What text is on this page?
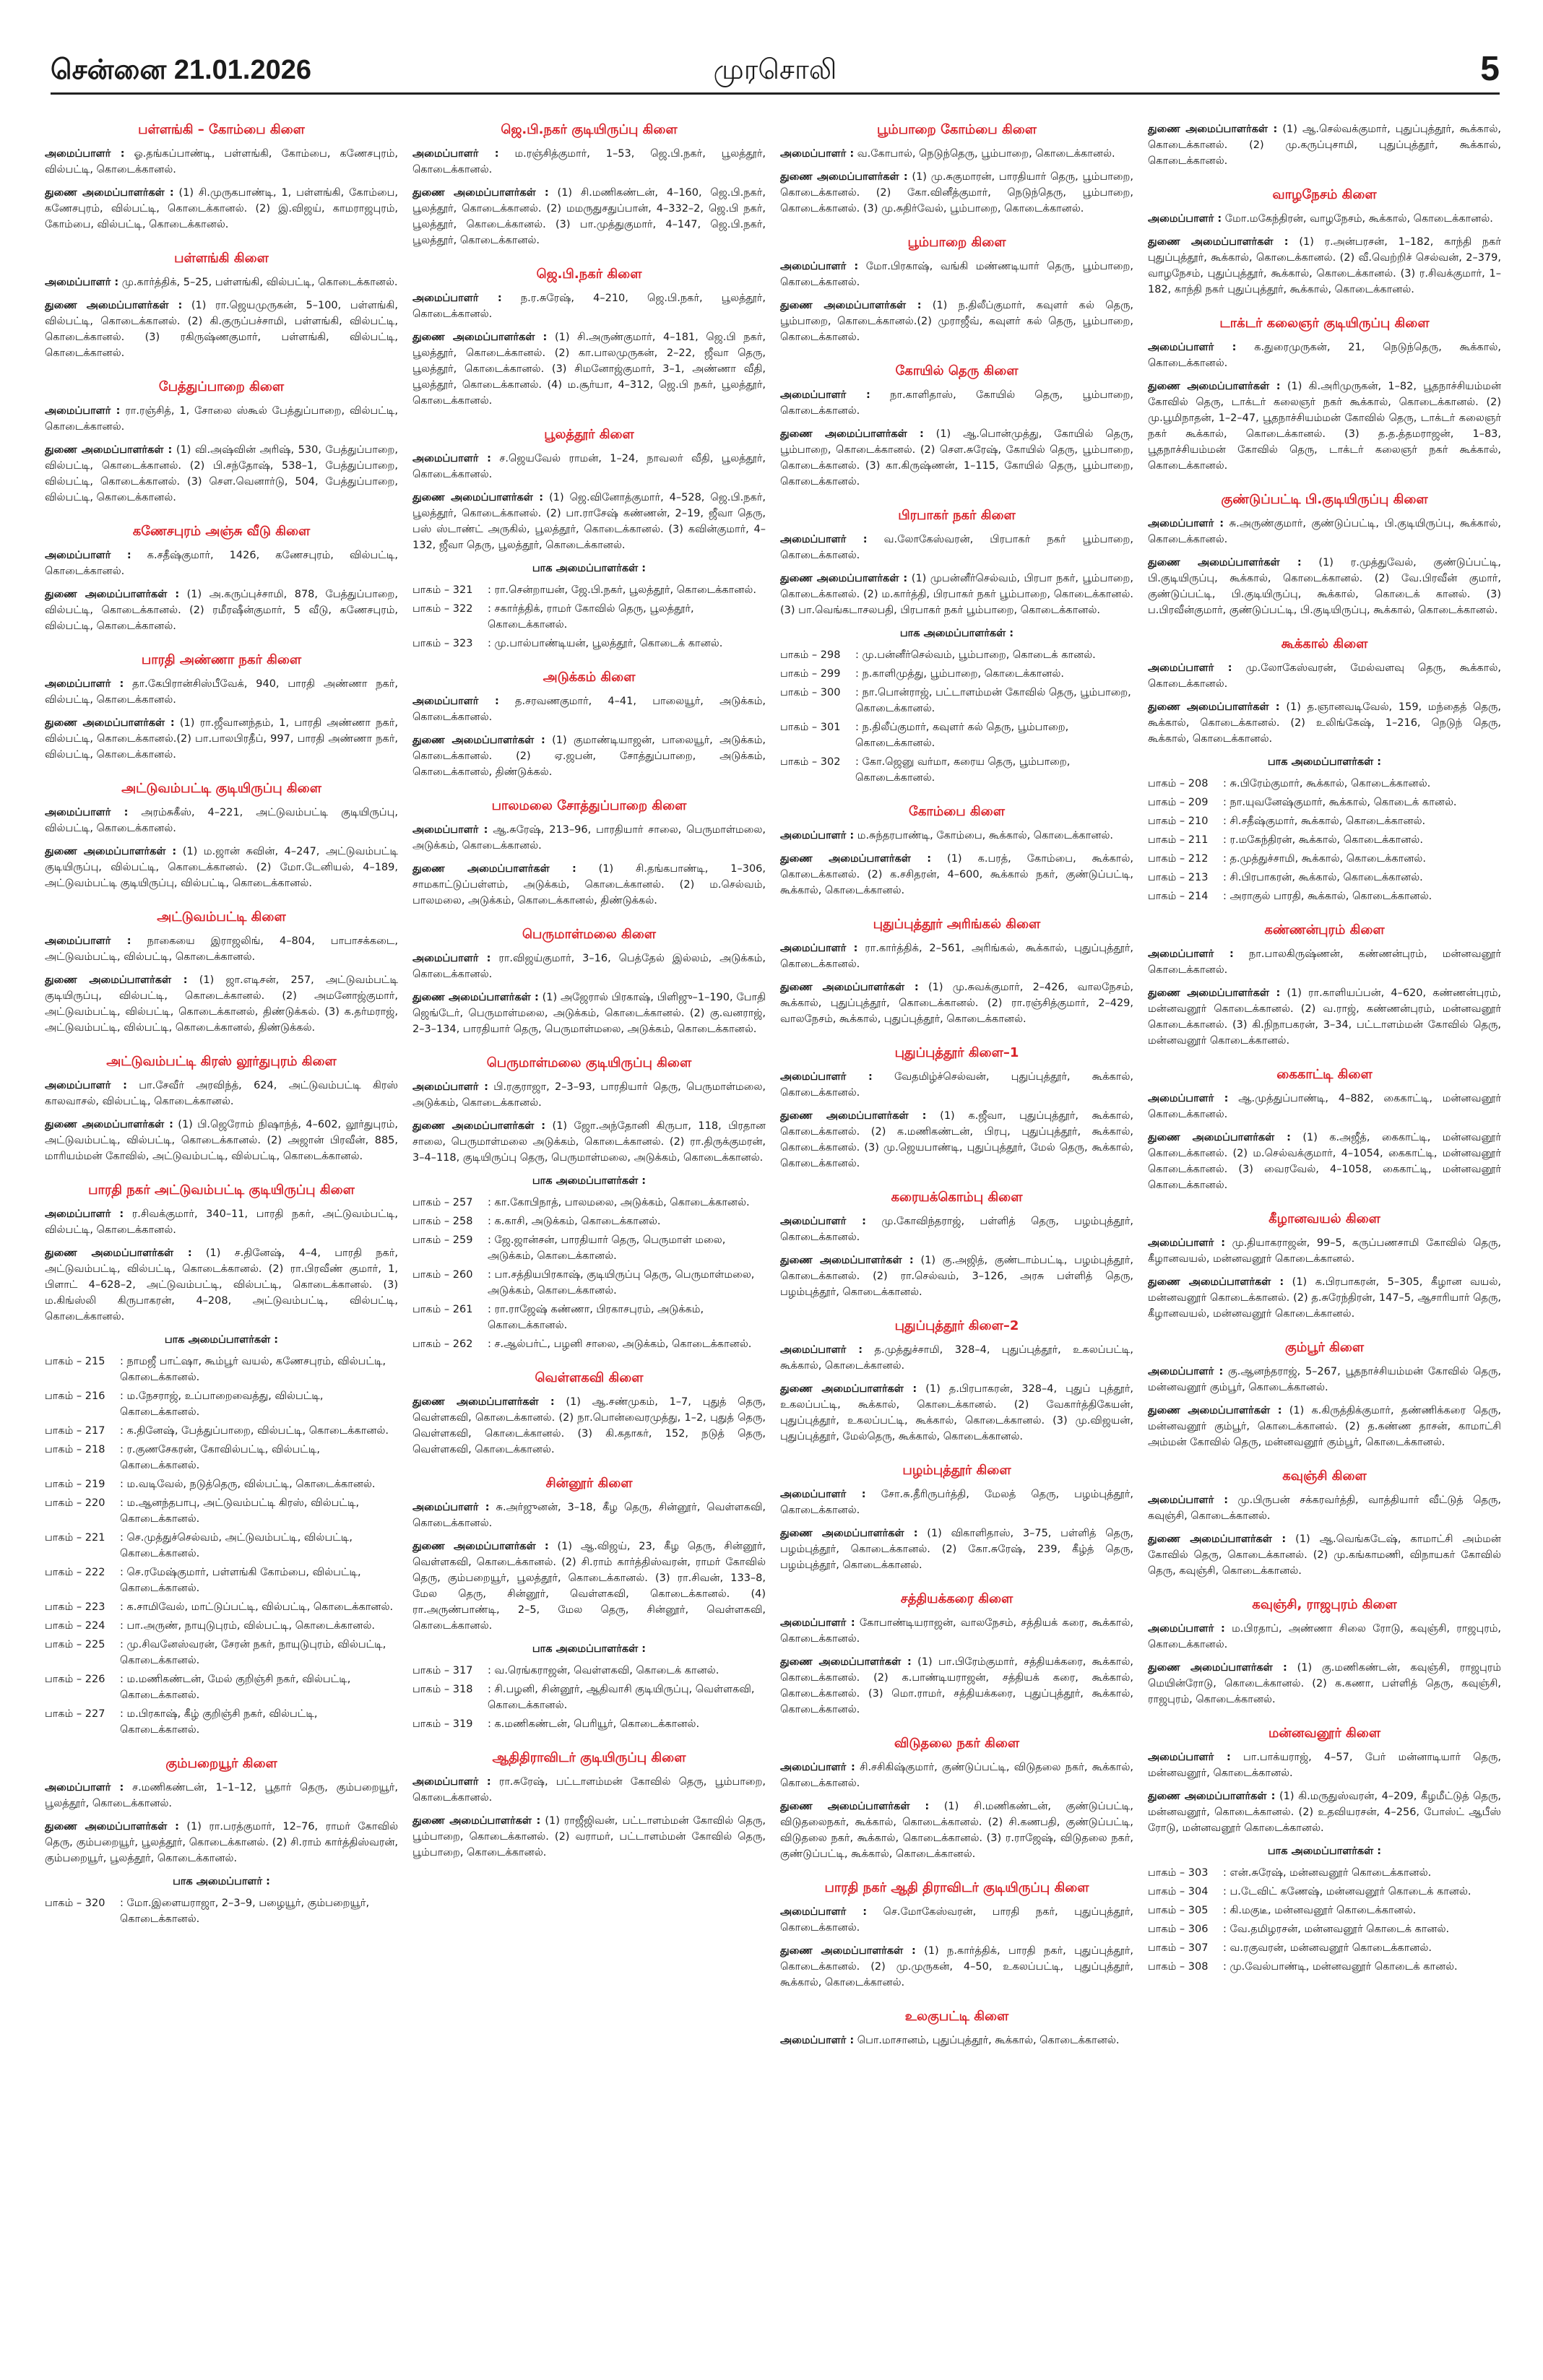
சென்னை 21.01.2026	முரசொலி	5
பள்ளங்கி – கோம்பை கிளை

அமைப்பாளர் : ஓ.தங்கப்பாண்டி, பள்ளங்கி, கோம்பை, கணேசபுரம், வில்பட்டி, கொடைக்கானல்.

துணை அமைப்பாளர்கள் : (1) சி.முருகபாண்டி, 1, பள்ளங்கி, கோம்பை, கணேசபுரம், வில்பட்டி, கொடைக்கானல். (2) இ.விஜய், காமராஜபுரம், கோம்பை, வில்பட்டி, கொடைக்கானல்.

பள்ளங்கி கிளை

அமைப்பாளர் : மு.கார்த்திக், 5–25, பள்ளங்கி, வில்பட்டி, கொடைக்கானல்.

துணை அமைப்பாளர்கள் : (1) ரா.ஜெயமுருகன், 5–100, பள்ளங்கி, வில்பட்டி, கொடைக்கானல். (2) கி.குருப்பச்சாமி, பள்ளங்கி, வில்பட்டி, கொடைக்கானல். (3) ரகிருஷ்ணகுமார், பள்ளங்கி, வில்பட்டி, கொடைக்கானல்.

பேத்துப்பாறை கிளை

அமைப்பாளர் : ரா.ரஞ்சித், 1, சோலை ஸ்கூல் பேத்துப்பாறை, வில்பட்டி, கொடைக்கானல்.

துணை அமைப்பாளர்கள் : (1) வி.அஷ்வின் அரிஷ், 530, பேத்துப்பாறை, வில்பட்டி, கொடைக்கானல். (2) பி.சந்தோஷ், 538–1, பேத்துப்பாறை, வில்பட்டி, கொடைக்கானல். (3) செள.வெனார்டு, 504, பேத்துப்பாறை, வில்பட்டி, கொடைக்கானல்.

கணேசபுரம் அஞ்சு வீடு கிளை

அமைப்பாளர் : க.சதீஷ்குமார், 1426, கணேசபுரம், வில்பட்டி, கொடைக்கானல்.

துணை அமைப்பாளர்கள் : (1) அ.கருப்புச்சாமி, 878, பேத்துப்பாறை, வில்பட்டி, கொடைக்கானல். (2) ரமீரஷீன்குமார், 5 வீடு, கணேசபுரம், வில்பட்டி, கொடைக்கானல்.

பாரதி அண்ணா நகர் கிளை

அமைப்பாளர் : தா.கேபிரான்சிஸ்பீவேக், 940, பாரதி அண்ணா நகர், வில்பட்டி, கொடைக்கானல்.

துணை அமைப்பாளர்கள் : (1) ரா.ஜீவானந்தம், 1, பாரதி அண்ணா நகர், வில்பட்டி, கொடைக்கானல்.(2) பா.பாலபிரதீப், 997, பாரதி அண்ணா நகர், வில்பட்டி, கொடைக்கானல்.

அட்டுவம்பட்டி குடியிருப்பு கிளை

அமைப்பாளர் : அரம்சுகீஸ், 4–221, அட்டுவம்பட்டி குடியிருப்பு, வில்பட்டி, கொடைக்கானல்.

துணை அமைப்பாளர்கள் : (1) ம.ஜான் சுவின், 4–247, அட்டுவம்பட்டி குடியிருப்பு, வில்பட்டி, கொடைக்கானல். (2) மோ.டேனியல், 4–189, அட்டுவம்பட்டி குடியிருப்பு, வில்பட்டி, கொடைக்கானல்.

அட்டுவம்பட்டி கிளை

அமைப்பாளர் : நாகையை இராஜலிங், 4–804, பாபாசக்கடை, அட்டுவம்பட்டி, வில்பட்டி, கொடைக்கானல்.

துணை அமைப்பாளர்கள் : (1) ஜா.எடிசன், 257, அட்டுவம்பட்டி குடியிருப்பு, வில்பட்டி, கொடைக்கானல். (2) அமனோஜ்குமார், அட்டுவம்பட்டி, வில்பட்டி, கொடைக்கானல், திண்டுக்கல். (3) க.தர்மராஜ், அட்டுவம்பட்டி, வில்பட்டி, கொடைக்கானல், திண்டுக்கல்.

அட்டுவம்பட்டி கிரஸ் லூர்துபுரம் கிளை

அமைப்பாளர் : பா.சேவீர் அரவிந்த், 624, அட்டுவம்பட்டி கிரஸ் காலவாசல், வில்பட்டி, கொடைக்கானல்.

துணை அமைப்பாளர்கள் : (1) பி.ஜெரோம் நிஷாந்த், 4–602, லூர்துபுரம், அட்டுவம்பட்டி, வில்பட்டி, கொடைக்கானல். (2) அஜான் பிரவீன், 885, மாரியம்மன் கோவில், அட்டுவம்பட்டி, வில்பட்டி, கொடைக்கானல்.

பாரதி நகர் அட்டுவம்பட்டி குடியிருப்பு கிளை

அமைப்பாளர் : ர.சிவக்குமார், 340–11, பாரதி நகர், அட்டுவம்பட்டி, வில்பட்டி, கொடைக்கானல்.

துணை அமைப்பாளர்கள் : (1) ச.தினேஷ், 4–4, பாரதி நகர், அட்டுவம்பட்டி, வில்பட்டி, கொடைக்கானல். (2) ரா.பிரவீண் குமார், 1, பிளாட் 4–628–2, அட்டுவம்பட்டி, வில்பட்டி, கொடைக்கானல். (3) ம.கிங்ஸ்லி கிருபாகரன், 4–208, அட்டுவம்பட்டி, வில்பட்டி, கொடைக்கானல்.

பாக அமைப்பாளர்கள் :
பாகம் – 215	: நாமஜீ பாட்ஷா, கூம்பூர் வயல், கணேசபுரம், வில்பட்டி, கொடைக்கானல்.
பாகம் – 216	: ம.நேசராஜ், உப்பாறைவைத்து, வில்பட்டி, கொடைக்கானல்.
பாகம் – 217	: க.தினேஷ், பேத்துப்பாறை, வில்பட்டி, கொடைக்கானல்.
பாகம் – 218	: ர.குணசேகரன், கோவில்பட்டி, வில்பட்டி, கொடைக்கானல்.
பாகம் – 219	: ம.வடிவேல், நடுத்தெரு, வில்பட்டி, கொடைக்கானல்.
பாகம் – 220	: ம.ஆனந்தபாபு, அட்டுவம்பட்டி கிரஸ், வில்பட்டி, கொடைக்கானல்.
பாகம் – 221	: செ.முத்துச்செல்வம், அட்டுவம்பட்டி, வில்பட்டி, கொடைக்கானல்.
பாகம் – 222	: செ.ரமேஷ்குமார், பள்ளங்கி கோம்பை, வில்பட்டி, கொடைக்கானல்.
பாகம் – 223	: க.சாமிவேல், மாட்டுப்பட்டி, வில்பட்டி, கொடைக்கானல்.
பாகம் – 224	: பா.அருண், நாயுடுபுரம், வில்பட்டி, கொடைக்கானல்.
பாகம் – 225	: மு.சிவனேஸ்வரன், சேரன் நகர், நாயுடுபுரம், வில்பட்டி, கொடைக்கானல்.
பாகம் – 226	: ம.மணிகண்டன், மேல் குறிஞ்சி நகர், வில்பட்டி, கொடைக்கானல்.
பாகம் – 227	: ம.பிரகாஷ், கீழ் குறிஞ்சி நகர், வில்பட்டி, கொடைக்கானல்.
கும்பறையூர் கிளை

அமைப்பாளர் : ச.மணிகண்டன், 1–1–12, பூதார் தெரு, கும்பறையூர், பூலத்தூர், கொடைக்கானல்.

துணை அமைப்பாளர்கள் : (1) ரா.பரத்குமார், 12–76, ராமர் கோவில் தெரு, கும்பறையூர், பூலத்தூர், கொடைக்கானல். (2) சி.ராம் கார்த்திஸ்வரன், கும்பறையூர், பூலத்தூர், கொடைக்கானல்.

பாக அமைப்பாளர் :
பாகம் – 320	: மோ.இளையராஜா, 2–3–9, பழையூர், கும்பறையூர், கொடைக்கானல்.
ஜெ.பி.நகர் குடியிருப்பு கிளை

அமைப்பாளர் : ம.ரஞ்சித்குமார், 1–53, ஜெ.பி.நகர், பூலத்தூர், கொடைக்கானல்.

துணை அமைப்பாளர்கள் : (1) சி.மணிகண்டன், 4–160, ஜெ.பி.நகர், பூலத்தூர், கொடைக்கானல். (2) மமருதுசதுப்பான், 4–332–2, ஜெ.பி நகர், பூலத்தூர், கொடைக்கானல். (3) பா.முத்துகுமார், 4–147, ஜெ.பி.நகர், பூலத்தூர், கொடைக்கானல்.

ஜெ.பி.நகர் கிளை

அமைப்பாளர் : ந.ர.சுரேஷ், 4–210, ஜெ.பி.நகர், பூலத்தூர், கொடைக்கானல்.

துணை அமைப்பாளர்கள் : (1) சி.அருண்குமார், 4–181, ஜெ.பி நகர், பூலத்தூர், கொடைக்கானல். (2) கா.பாலமுருகன், 2–22, ஜீவா தெரு, பூலத்தூர், கொடைக்கானல். (3) சிமனோஜ்குமார், 3–1, அண்ணா வீதி, பூலத்தூர், கொடைக்கானல். (4) ம.சூர்யா, 4–312, ஜெ.பி நகர், பூலத்தூர், கொடைக்கானல்.

பூலத்தூர் கிளை

அமைப்பாளர் : ச.ஜெயவேல் ராமன், 1–24, நாவலர் வீதி, பூலத்தூர், கொடைக்கானல்.

துணை அமைப்பாளர்கள் : (1) ஜெ.வினோத்குமார், 4–528, ஜெ.பி.நகர், பூலத்தூர், கொடைக்கானல். (2) பா.ராசேஷ் கண்ணன், 2–19, ஜீவா தெரு, பஸ் ஸ்டாண்ட் அருகில், பூலத்தூர், கொடைக்கானல். (3) கவின்குமார், 4–132, ஜீவா தெரு, பூலத்தூர், கொடைக்கானல்.

பாக அமைப்பாளர்கள் :
பாகம் – 321	: ரா.சென்றாயன், ஜே.பி.நகர், பூலத்தூர், கொடைக்கானல்.
பாகம் – 322	: சகார்த்திக், ராமர் கோவில் தெரு, பூலத்தூர், கொடைக்கானல்.
பாகம் – 323	: மு.பால்பாண்டியன், பூலத்தூர், கொடைக் கானல்.
அடுக்கம் கிளை

அமைப்பாளர் : த.சரவணகுமார், 4–41, பாலையூர், அடுக்கம், கொடைக்கானல்.

துணை அமைப்பாளர்கள் : (1) குமாண்டியாஜன், பாலையூர், அடுக்கம், கொடைக்கானல். (2) ஏ.ஜபன், சோத்துப்பாறை, அடுக்கம், கொடைக்கானல், திண்டுக்கல்.

பாலமலை சோத்துப்பாறை கிளை

அமைப்பாளர் : ஆ.சுரேஷ், 213–96, பாரதியார் சாலை, பெருமாள்மலை, அடுக்கம், கொடைக்கானல்.

துணை அமைப்பாளர்கள் : (1) சி.தங்கபாண்டி, 1–306, சாமகாட்டுப்பள்ளம், அடுக்கம், கொடைக்கானல். (2) ம.செல்வம், பாலமலை, அடுக்கம், கொடைக்கானல், திண்டுக்கல்.

பெருமாள்மலை கிளை

அமைப்பாளர் : ரா.விஜய்குமார், 3–16, பெத்தேல் இல்லம், அடுக்கம், கொடைக்கானல்.

துணை அமைப்பாளர்கள் : (1) அஜேரால் பிரகாஷ், பிளிஜு–1–190, போதி ஜெங்டேர், பெருமாள்மலை, அடுக்கம், கொடைக்கானல். (2) கு.வனராஜ், 2–3–134, பாரதியார் தெரு, பெருமாள்மலை, அடுக்கம், கொடைக்கானல்.

பெருமாள்மலை குடியிருப்பு கிளை

அமைப்பாளர் : பி.ரகுராஜா, 2–3–93, பாரதியார் தெரு, பெருமாள்மலை, அடுக்கம், கொடைக்கானல்.

துணை அமைப்பாளர்கள் : (1) ஜோ.அந்தோனி கிருபா, 118, பிரதான சாலை, பெருமாள்மலை அடுக்கம், கொடைக்கானல். (2) ரா.திருக்குமரன், 3–4–118, குடியிருப்பு தெரு, பெருமாள்மலை, அடுக்கம், கொடைக்கானல்.

பாக அமைப்பாளர்கள் :
பாகம் – 257	: கா.கோபிநாத், பாலமலை, அடுக்கம், கொடைக்கானல்.
பாகம் – 258	: க.காசி, அடுக்கம், கொடைக்கானல்.
பாகம் – 259	: ஜே.ஜான்சன், பாரதியார் தெரு, பெருமாள் மலை, அடுக்கம், கொடைக்கானல்.
பாகம் – 260	: பா.சத்தியபிரகாஷ், குடியிருப்பு தெரு, பெருமாள்மலை, அடுக்கம், கொடைக்கானல்.
பாகம் – 261	: ரா.ராஜேஷ் கண்ணா, பிரகாசபுரம், அடுக்கம், கொடைக்கானல்.
பாகம் – 262	: ச.ஆல்பர்ட், பழனி சாலை, அடுக்கம், கொடைக்கானல்.
வெள்ளகவி கிளை

துணை அமைப்பாளர்கள் : (1) ஆ.சண்முகம், 1–7, புதுத் தெரு, வெள்ளகவி, கொடைக்கானல். (2) நா.பொன்வைரமுத்து, 1–2, புதுத் தெரு, வெள்ளகவி, கொடைக்கானல். (3) கி.கதாகர், 152, நடுத் தெரு, வெள்ளகவி, கொடைக்கானல்.

சின்னூர் கிளை

அமைப்பாளர் : சு.அர்ஜுனன், 3–18, கீழ தெரு, சின்னூர், வெள்ளகவி, கொடைக்கானல்.

துணை அமைப்பாளர்கள் : (1) ஆ.விஜய், 23, கீழ தெரு, சின்னூர், வெள்ளகவி, கொடைக்கானல். (2) சி.ராம் கார்த்திஸ்வரன், ராமர் கோவில் தெரு, கும்பறையூர், பூலத்தூர், கொடைக்கானல். (3) ரா.சிவன், 133–8, மேல தெரு, சின்னூர், வெள்ளகவி, கொடைக்கானல். (4) ரா.அருண்பாண்டி, 2–5, மேல தெரு, சின்னூர், வெள்ளகவி, கொடைக்கானல்.

பாக அமைப்பாளர்கள் :
பாகம் – 317	: வ.ரெங்கராஜன், வெள்ளகவி, கொடைக் கானல்.
பாகம் – 318	: சி.பழனி, சின்னூர், ஆதிவாசி குடியிருப்பு, வெள்ளகவி, கொடைக்கானல்.
பாகம் – 319	: க.மணிகண்டன், பெரியூர், கொடைக்கானல்.
ஆதிதிராவிடர் குடியிருப்பு கிளை

அமைப்பாளர் : ரா.சுரேஷ், பட்டாளம்மன் கோவில் தெரு, பூம்பாறை, கொடைக்கானல்.

துணை அமைப்பாளர்கள் : (1) ராஜீஜிவன், பட்டாளம்மன் கோவில் தெரு, பூம்பாறை, கொடைக்கானல். (2) வராமர், பட்டாளம்மன் கோவில் தெரு, பூம்பாறை, கொடைக்கானல்.

பூம்பாறை கோம்பை கிளை

அமைப்பாளர் : வ.கோபால், நெடுந்தெரு, பூம்பாறை, கொடைக்கானல்.

துணை அமைப்பாளர்கள் : (1) மு.சுகுமாரன், பாரதியார் தெரு, பூம்பாறை, கொடைக்கானல். (2) கோ.வினீத்குமார், நெடுந்தெரு, பூம்பாறை, கொடைக்கானல். (3) மு.சுதிர்வேல், பூம்பாறை, கொடைக்கானல்.

பூம்பாறை கிளை

அமைப்பாளர் : மோ.பிரகாஷ், வங்கி மண்ணடியார் தெரு, பூம்பாறை, கொடைக்கானல்.

துணை அமைப்பாளர்கள் : (1) ந.திலீப்குமார், கவுளர் கல் தெரு, பூம்பாறை, கொடைக்கானல்.(2) முராஜீவ், கவுளர் கல் தெரு, பூம்பாறை, கொடைக்கானல்.

கோயில் தெரு கிளை

அமைப்பாளர் : நா.காளிதாஸ், கோயில் தெரு, பூம்பாறை, கொடைக்கானல்.

துணை அமைப்பாளர்கள் : (1) ஆ.பொன்முத்து, கோயில் தெரு, பூம்பாறை, கொடைக்கானல். (2) சௌ.சுரேஷ், கோயில் தெரு, பூம்பாறை, கொடைக்கானல். (3) கா.கிருஷ்ணன், 1–115, கோயில் தெரு, பூம்பாறை, கொடைக்கானல்.

பிரபாகர் நகர் கிளை

அமைப்பாளர் : வ.லோகேஸ்வரன், பிரபாகர் நகர் பூம்பாறை, கொடைக்கானல்.

துணை அமைப்பாளர்கள் : (1) முபன்னீர்செல்வம், பிரபா நகர், பூம்பாறை, கொடைக்கானல். (2) ம.கார்த்தி, பிரபாகர் நகர் பூம்பாறை, கொடைக்கானல். (3) பா.வெங்கடாசலபதி, பிரபாகர் நகர் பூம்பாறை, கொடைக்கானல்.

பாக அமைப்பாளர்கள் :
பாகம் – 298	: மு.பன்னீர்செல்வம், பூம்பாறை, கொடைக் கானல்.
பாகம் – 299	: ந.காளிமுத்து, பூம்பாறை, கொடைக்கானல்.
பாகம் – 300	: நா.பொன்ராஜ், பட்டாளம்மன் கோவில் தெரு, பூம்பாறை, கொடைக்கானல்.
பாகம் – 301	: ந.திலீப்குமார், கவுளர் கல் தெரு, பூம்பாறை, கொடைக்கானல்.
பாகம் – 302	: கோ.ஜெனு வர்மா, கரைய தெரு, பூம்பாறை, கொடைக்கானல்.
கோம்பை கிளை

அமைப்பாளர் : ம.சுந்தரபாண்டி, கோம்பை, கூக்கால், கொடைக்கானல்.

துணை அமைப்பாளர்கள் : (1) க.பரத், கோம்பை, கூக்கால், கொடைக்கானல். (2) க.சசிதரன், 4–600, கூக்கால் நகர், குண்டுப்பட்டி, கூக்கால், கொடைக்கானல்.

புதுப்புத்தூர் அரிங்கல் கிளை

அமைப்பாளர் : ரா.கார்த்திக், 2–561, அரிங்கல், கூக்கால், புதுப்புத்தூர், கொடைக்கானல்.

துணை அமைப்பாளர்கள் : (1) மு.சுவக்குமார், 2–426, வாலநேசம், கூக்கால், புதுப்புத்தூர், கொடைக்கானல். (2) ரா.ரஞ்சித்குமார், 2–429, வாலநேசம், கூக்கால், புதுப்புத்தூர், கொடைக்கானல்.

புதுப்புத்தூர் கிளை–1

அமைப்பாளர் : வேதமிழ்ச்செல்வன், புதுப்புத்தூர், கூக்கால், கொடைக்கானல்.

துணை அமைப்பாளர்கள் : (1) க.ஜீவா, புதுப்புத்தூர், கூக்கால், கொடைக்கானல். (2) க.மணிகண்டன், பிரபு, புதுப்புத்தூர், கூக்கால், கொடைக்கானல். (3) மு.ஜெயபாண்டி, புதுப்புத்தூர், மேல் தெரு, கூக்கால், கொடைக்கானல்.

கரையக்கொம்பு கிளை

அமைப்பாளர் : மு.கோவிந்தராஜ், பள்ளித் தெரு, பழம்புத்தூர், கொடைக்கானல்.

துணை அமைப்பாளர்கள் : (1) கு.அஜித், குண்டாம்பட்டி, பழம்புத்தூர், கொடைக்கானல். (2) ரா.செல்வம், 3–126, அரசு பள்ளித் தெரு, பழம்புத்தூர், கொடைக்கானல்.

புதுப்புத்தூர் கிளை–2

அமைப்பாளர் : த.முத்துச்சாமி, 328–4, புதுப்புத்தூர், உகலப்பட்டி, கூக்கால், கொடைக்கானல்.

துணை அமைப்பாளர்கள் : (1) த.பிரபாகரன், 328–4, புதுப் புத்தூர், உகலப்பட்டி, கூக்கால், கொடைக்கானல். (2) வேகார்த்திகேயன், புதுப்புத்தூர், உகலப்பட்டி, கூக்கால், கொடைக்கானல். (3) மு.விஜயன், புதுப்புத்தூர், மேல்தெரு, கூக்கால், கொடைக்கானல்.

பழம்புத்தூர் கிளை

அமைப்பாளர் : சோ.சு.தீரிருபர்த்தி, மேலத் தெரு, பழம்புத்தூர், கொடைக்கானல்.

துணை அமைப்பாளர்கள் : (1) விகாளிதாஸ், 3–75, பள்ளித் தெரு, பழம்புத்தூர், கொடைக்கானல். (2) கோ.சுரேஷ், 239, கீழ்த் தெரு, பழம்புத்தூர், கொடைக்கானல்.

சத்தியக்கரை கிளை

அமைப்பாளர் : கோபாண்டியராஜன், வாலநேசம், சத்தியக் கரை, கூக்கால், கொடைக்கானல்.

துணை அமைப்பாளர்கள் : (1) பா.பிரேம்குமார், சத்தியக்கரை, கூக்கால், கொடைக்கானல். (2) க.பாண்டியராஜன், சத்தியக் கரை, கூக்கால், கொடைக்கானல். (3) மொ.ராமர், சத்தியக்கரை, புதுப்புத்தூர், கூக்கால், கொடைக்கானல்.

விடுதலை நகர் கிளை

அமைப்பாளர் : சி.சசிகிஷ்குமார், குண்டுப்பட்டி, விடுதலை நகர், கூக்கால், கொடைக்கானல்.

துணை அமைப்பாளர்கள் : (1) சி.மணிகண்டன், குண்டுப்பட்டி, விடுதலைநகர், கூக்கால், கொடைக்கானல். (2) சி.கணபதி, குண்டுப்பட்டி, விடுதலை நகர், கூக்கால், கொடைக்கானல். (3) ர.ராஜேஷ், விடுதலை நகர், குண்டுப்பட்டி, கூக்கால், கொடைக்கானல்.

பாரதி நகர் ஆதி திராவிடர் குடியிருப்பு கிளை

அமைப்பாளர் : செ.மோகேஸ்வரன், பாரதி நகர், புதுப்புத்தூர், கொடைக்கானல்.

துணை அமைப்பாளர்கள் : (1) ந.கார்த்திக், பாரதி நகர், புதுப்புத்தூர், கொடைக்கானல். (2) மு.முருகன், 4–50, உகலப்பட்டி, புதுப்புத்தூர், கூக்கால், கொடைக்கானல்.

உலகுபட்டி கிளை

அமைப்பாளர் : பொ.மாசானம், புதுப்புத்தூர், கூக்கால், கொடைக்கானல்.

துணை அமைப்பாளர்கள் : (1) ஆ.செல்வக்குமார், புதுப்புத்தூர், கூக்கால், கொடைக்கானல். (2) மு.கருப்புசாமி, புதுப்புத்தூர், கூக்கால், கொடைக்கானல்.

வாழநேசம் கிளை

அமைப்பாளர் : மோ.மகேந்திரன், வாழநேசம், கூக்கால், கொடைக்கானல்.

துணை அமைப்பாளர்கள் : (1) ர.அன்பரசன், 1–182, காந்தி நகர் புதுப்புத்தூர், கூக்கால், கொடைக்கானல். (2) வீ.வெற்றிச் செல்வன், 2–379, வாழநேசம், புதுப்புத்தூர், கூக்கால், கொடைக்கானல். (3) ர.சிவக்குமார், 1–182, காந்தி நகர் புதுப்புத்தூர், கூக்கால், கொடைக்கானல்.

டாக்டர் கலைஞர் குடியிருப்பு கிளை

அமைப்பாளர் : க.துரைமுருகன், 21, நெடுந்தெரு, கூக்கால், கொடைக்கானல்.

துணை அமைப்பாளர்கள் : (1) கி.அரிமுருகன், 1–82, பூதநாச்சியம்மன் கோவில் தெரு, டாக்டர் கலைஞர் நகர் கூக்கால், கொடைக்கானல். (2) மு.பூமிநாதன், 1–2–47, பூதநாச்சியம்மன் கோவில் தெரு, டாக்டர் கலைஞர் நகர் கூக்கால், கொடைக்கானல். (3) த.த.த்தமராஜன், 1–83, பூதநாச்சியம்மன் கோவில் தெரு, டாக்டர் கலைஞர் நகர் கூக்கால், கொடைக்கானல்.

குண்டுப்பட்டி பி.குடியிருப்பு கிளை

அமைப்பாளர் : சு.அருண்குமார், குண்டுப்பட்டி, பி.குடியிருப்பு, கூக்கால், கொடைக்கானல்.

துணை அமைப்பாளர்கள் : (1) ர.முத்துவேல், குண்டுப்பட்டி, பி.குடியிருப்பு, கூக்கால், கொடைக்கானல். (2) வே.பிரவீன் குமார், குண்டுப்பட்டி, பி.குடியிருப்பு, கூக்கால், கொடைக் கானல். (3) ப.பிரவீன்குமார், குண்டுப்பட்டி, பி.குடியிருப்பு, கூக்கால், கொடைக்கானல்.

கூக்கால் கிளை

அமைப்பாளர் : மு.லோகேஸ்வரன், மேல்வளவு தெரு, கூக்கால், கொடைக்கானல்.

துணை அமைப்பாளர்கள் : (1) த.ஞானவடிவேல், 159, மந்தைத் தெரு, கூக்கால், கொடைக்கானல். (2) உலிங்கேஷ், 1–216, நெடுந் தெரு, கூக்கால், கொடைக்கானல்.

பாக அமைப்பாளர்கள் :
பாகம் – 208	: சு.பிரேம்குமார், கூக்கால், கொடைக்கானல்.
பாகம் – 209	: நா.யுவனேஷ்குமார், கூக்கால், கொடைக் கானல்.
பாகம் – 210	: சி.சதீஷ்குமார், கூக்கால், கொடைக்கானல்.
பாகம் – 211	: ர.மகேந்திரன், கூக்கால், கொடைக்கானல்.
பாகம் – 212	: த.முத்துச்சாமி, கூக்கால், கொடைக்கானல்.
பாகம் – 213	: சி.பிரபாகரன், கூக்கால், கொடைக்கானல்.
பாகம் – 214	: அராகுல் பாரதி, கூக்கால், கொடைக்கானல்.
கண்ணன்புரம் கிளை

அமைப்பாளர் : நா.பாலகிருஷ்ணன், கண்ணன்புரம், மன்னவனூர் கொடைக்கானல்.

துணை அமைப்பாளர்கள் : (1) ரா.காளியப்பன், 4–620, கண்ணன்புரம், மன்னவனூர் கொடைக்கானல். (2) வ.ராஜ், கண்ணன்புரம், மன்னவனூர் கொடைக்கானல். (3) கி.நிநாபகரன், 3–34, பட்டாளம்மன் கோவில் தெரு, மன்னவனூர் கொடைக்கானல்.

கைகாட்டி கிளை

அமைப்பாளர் : ஆ.முத்துப்பாண்டி, 4–882, கைகாட்டி, மன்னவனூர் கொடைக்கானல்.

துணை அமைப்பாளர்கள் : (1) க.அஜீத், கைகாட்டி, மன்னவனூர் கொடைக்கானல். (2) ம.செல்வக்குமார், 4–1054, கைகாட்டி, மன்னவனூர் கொடைக்கானல். (3) வைரவேல், 4–1058, கைகாட்டி, மன்னவனூர் கொடைக்கானல்.

கீழானவயல் கிளை

அமைப்பாளர் : மு.தியாகராஜன், 99–5, கருப்பணசாமி கோவில் தெரு, கீழானவயல், மன்னவனூர் கொடைக்கானல்.

துணை அமைப்பாளர்கள் : (1) க.பிரபாகரன், 5–305, கீழான வயல், மன்னவனூர் கொடைக்கானல். (2) த.சுரேந்திரன், 147–5, ஆசாரியார் தெரு, கீழானவயல், மன்னவனூர் கொடைக்கானல்.

கும்பூர் கிளை

அமைப்பாளர் : கு.ஆனந்தராஜ், 5–267, பூதநாச்சியம்மன் கோவில் தெரு, மன்னவனூர் கும்பூர், கொடைக்கானல்.

துணை அமைப்பாளர்கள் : (1) க.கிருத்திக்குமார், தண்ணிக்கரை தெரு, மன்னவனூர் கும்பூர், கொடைக்கானல். (2) த.கண்ண தாசன், காமாட்சி அம்மன் கோவில் தெரு, மன்னவனூர் கும்பூர், கொடைக்கானல்.

கவுஞ்சி கிளை

அமைப்பாளர் : மு.பிருபன் சக்கரவர்த்தி, வாத்தியார் வீட்டுத் தெரு, கவுஞ்சி, கொடைக்கானல்.

துணை அமைப்பாளர்கள் : (1) ஆ.வெங்கடேஷ், காமாட்சி அம்மன் கோவில் தெரு, கொடைக்கானல். (2) மு.கங்காமணி, விநாயகர் கோவில் தெரு, கவுஞ்சி, கொடைக்கானல்.

கவுஞ்சி, ராஜபுரம் கிளை

அமைப்பாளர் : ம.பிரதாப், அண்ணா சிலை ரோடு, கவுஞ்சி, ராஜபுரம், கொடைக்கானல்.

துணை அமைப்பாளர்கள் : (1) கு.மணிகண்டன், கவுஞ்சி, ராஜபுரம் மெயின்ரோடு, கொடைக்கானல். (2) க.கணா, பள்ளித் தெரு, கவுஞ்சி, ராஜபுரம், கொடைக்கானல்.

மன்னவனூர் கிளை

அமைப்பாளர் : பா.பாக்யராஜ், 4–57, பேர் மன்னாடியார் தெரு, மன்னவனூர், கொடைக்கானல்.

துணை அமைப்பாளர்கள் : (1) கி.மருதுஸ்வரன், 4–209, கீழமீட்டுத் தெரு, மன்னவனூர், கொடைக்கானல். (2) உதவியரசன், 4–256, போஸ்ட் ஆபீஸ் ரோடு, மன்னவனூர் கொடைக்கானல்.

பாக அமைப்பாளர்கள் :
பாகம் – 303	: என்.சுரேஷ், மன்னவனூர் கொடைக்கானல்.
பாகம் – 304	: ப.டேவிட் கணேஷ், மன்னவனூர் கொடைக் கானல்.
பாகம் – 305	: கி.மகுடீ, மன்னவனூர் கொடைக்கானல்.
பாகம் – 306	: வே.தமிழரசன், மன்னவனூர் கொடைக் கானல்.
பாகம் – 307	: வ.ரகுவரன், மன்னவனூர் கொடைக்கானல்.
பாகம் – 308	: மு.வேல்பாண்டி, மன்னவனூர் கொடைக் கானல்.
